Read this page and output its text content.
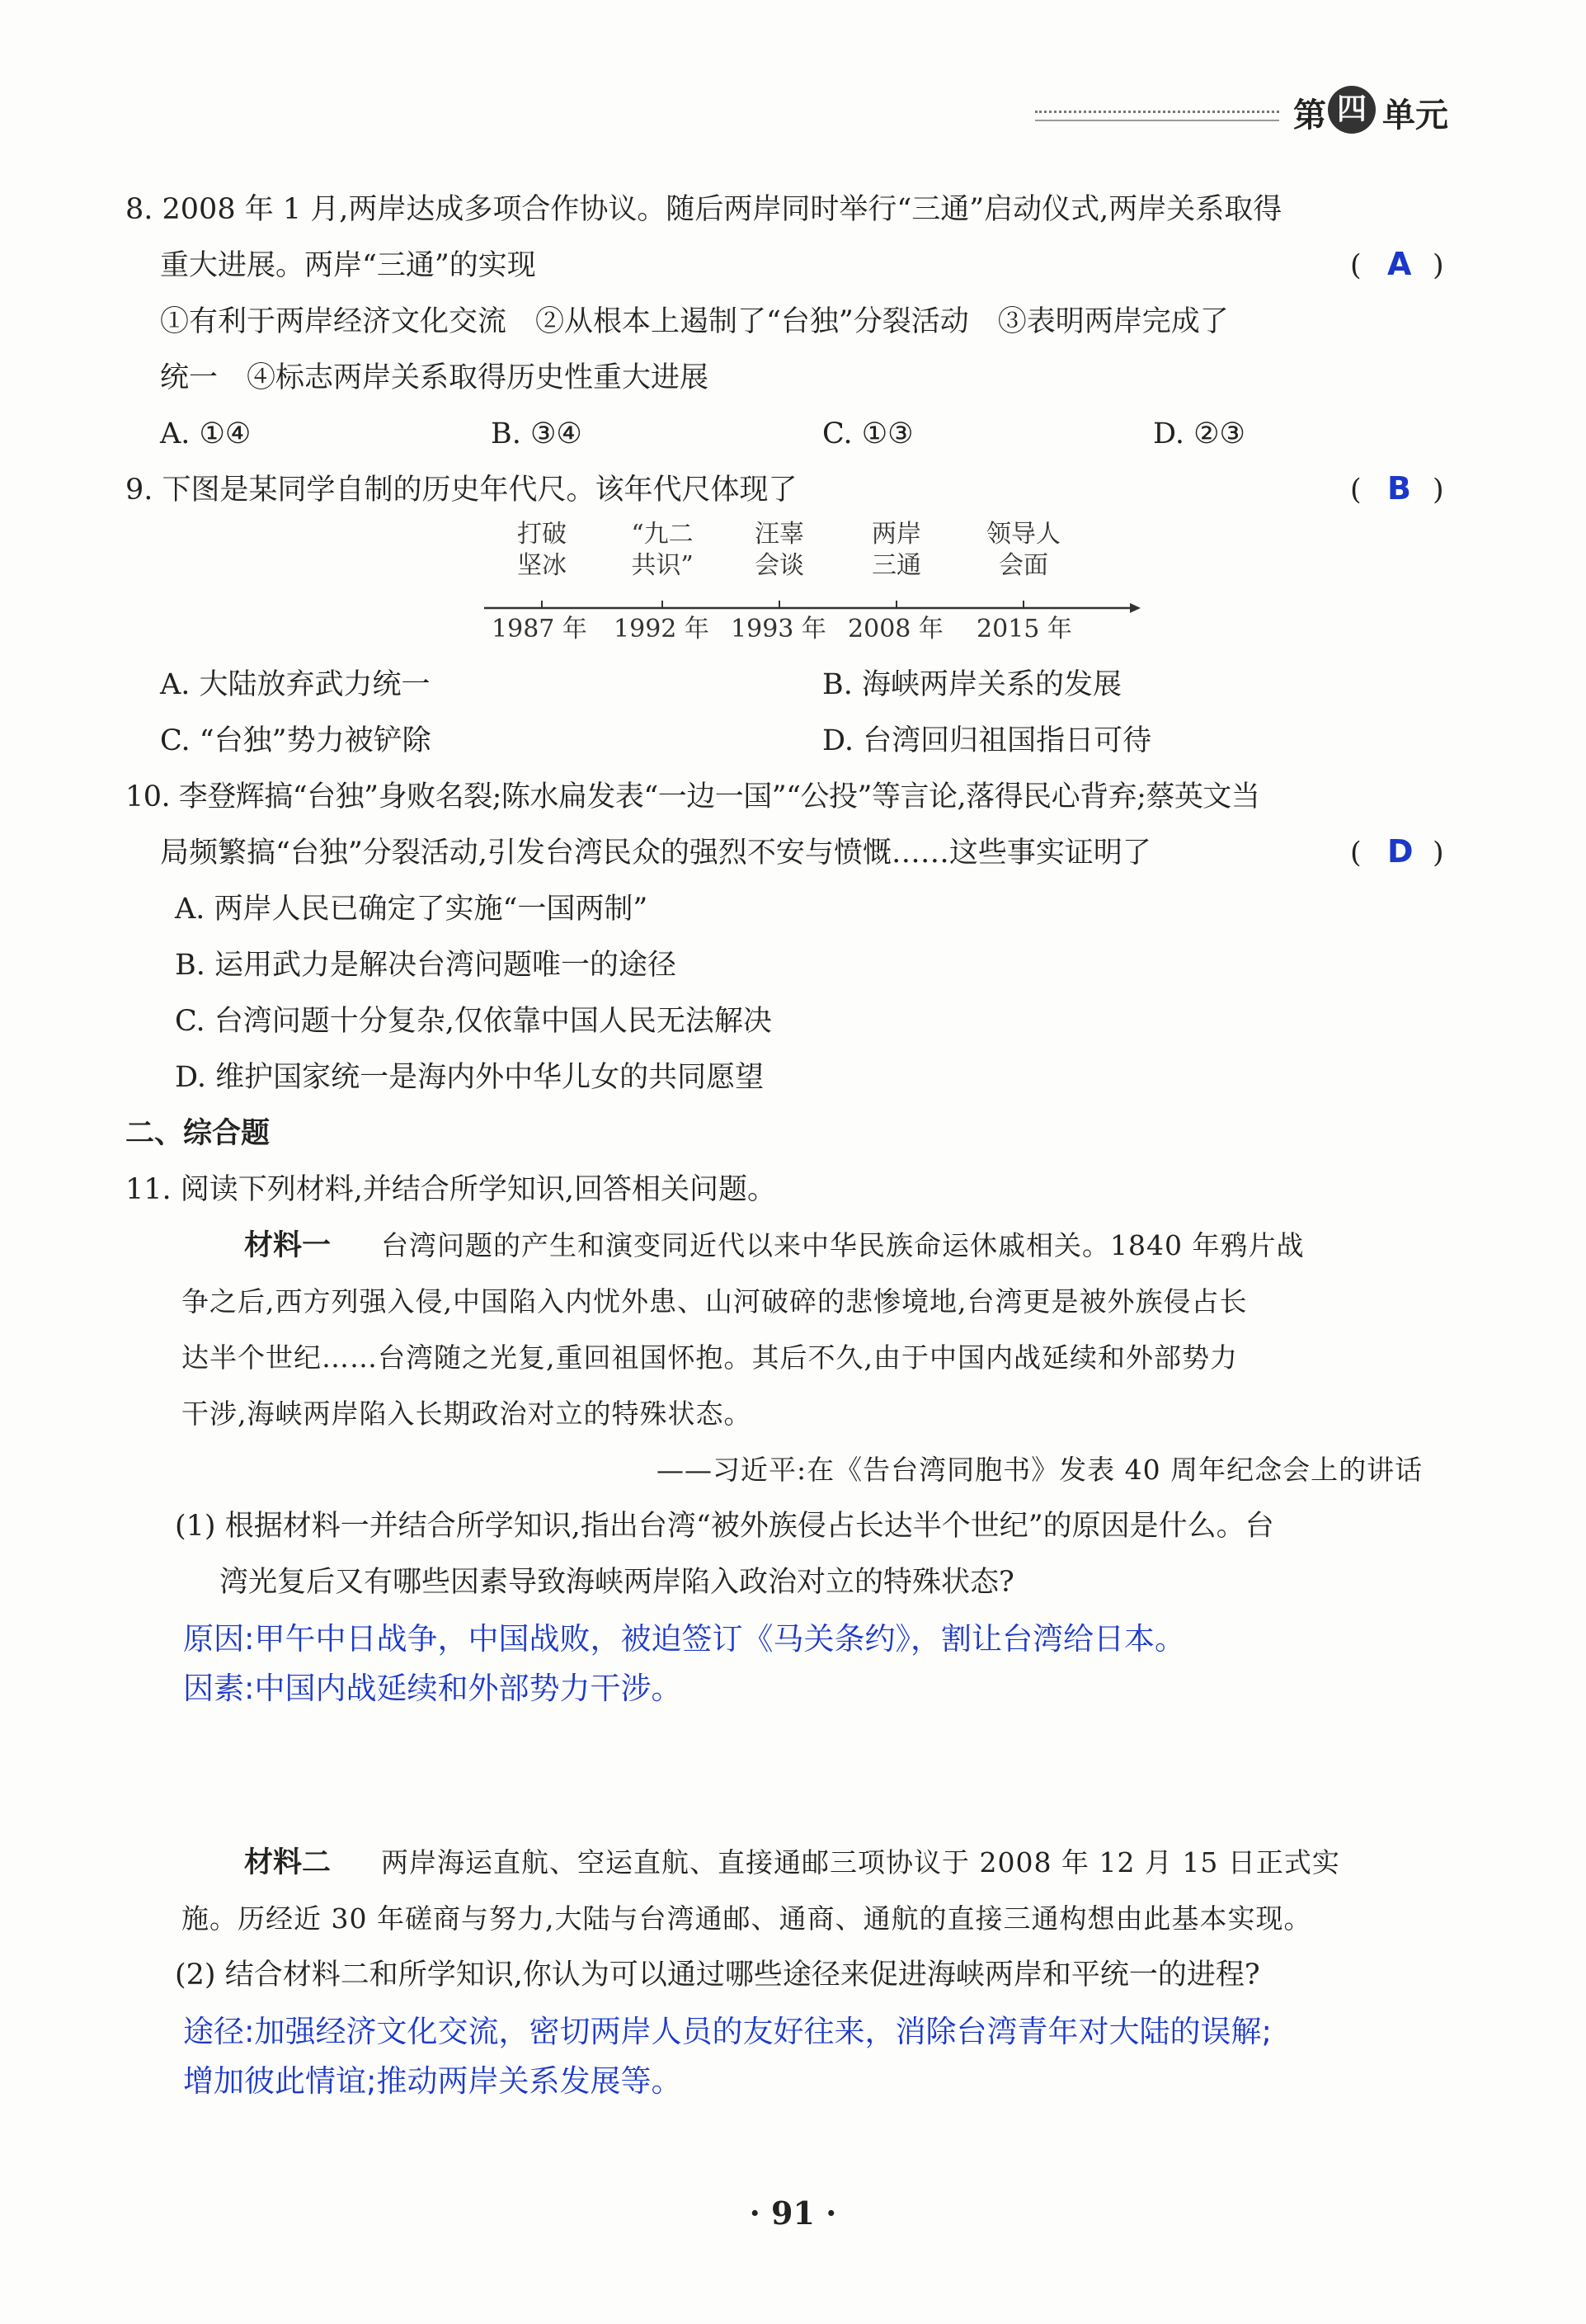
第 四 单元
8. 2008 年 1 月,两岸达成多项合作协议。随后两岸同时举行“三通”启动仪式,两岸关系取得
重大进展。两岸“三通”的实现	( A )
①有利于两岸经济文化交流　②从根本上遏制了“台独”分裂活动　③表明两岸完成了
统一　④标志两岸关系取得历史性重大进展
A. ①④	B. ③④	C. ①③	D. ②③
9. 下图是某同学自制的历史年代尺。该年代尺体现了	( B )
打破
坚冰
“九二
共识”
汪辜
会谈
两岸
三通
领导人
会面
1987 年 1992 年 1993 年 2008 年 2015 年
A. 大陆放弃武力统一	B. 海峡两岸关系的发展
C. “台独”势力被铲除	D. 台湾回归祖国指日可待
10. 李登辉搞“台独”身败名裂;陈水扁发表“一边一国”“公投”等言论,落得民心背弃;蔡英文当
局频繁搞“台独”分裂活动,引发台湾民众的强烈不安与愤慨……这些事实证明了	( D )
A. 两岸人民已确定了实施“一国两制”
B. 运用武力是解决台湾问题唯一的途径
C. 台湾问题十分复杂,仅依靠中国人民无法解决
D. 维护国家统一是海内外中华儿女的共同愿望
二、综合题
11. 阅读下列材料,并结合所学知识,回答相关问题。
材料一 台湾问题的产生和演变同近代以来中华民族命运休戚相关。1840 年鸦片战
争之后,西方列强入侵,中国陷入内忧外患、山河破碎的悲惨境地,台湾更是被外族侵占长
达半个世纪……台湾随之光复,重回祖国怀抱。其后不久,由于中国内战延续和外部势力
干涉,海峡两岸陷入长期政治对立的特殊状态。
——习近平:在《告台湾同胞书》发表 40 周年纪念会上的讲话
(1) 根据材料一并结合所学知识,指出台湾“被外族侵占长达半个世纪”的原因是什么。台
湾光复后又有哪些因素导致海峡两岸陷入政治对立的特殊状态?
原因:甲午中日战争，中国战败，被迫签订《马关条约》，割让台湾给日本。
因素:中国内战延续和外部势力干涉。
材料二 两岸海运直航、空运直航、直接通邮三项协议于 2008 年 12 月 15 日正式实
施。历经近 30 年磋商与努力,大陆与台湾通邮、通商、通航的直接三通构想由此基本实现。
(2) 结合材料二和所学知识,你认为可以通过哪些途径来促进海峡两岸和平统一的进程?
途径:加强经济文化交流，密切两岸人员的友好往来，消除台湾青年对大陆的误解;
增加彼此情谊;推动两岸关系发展等。
· 91 ·
